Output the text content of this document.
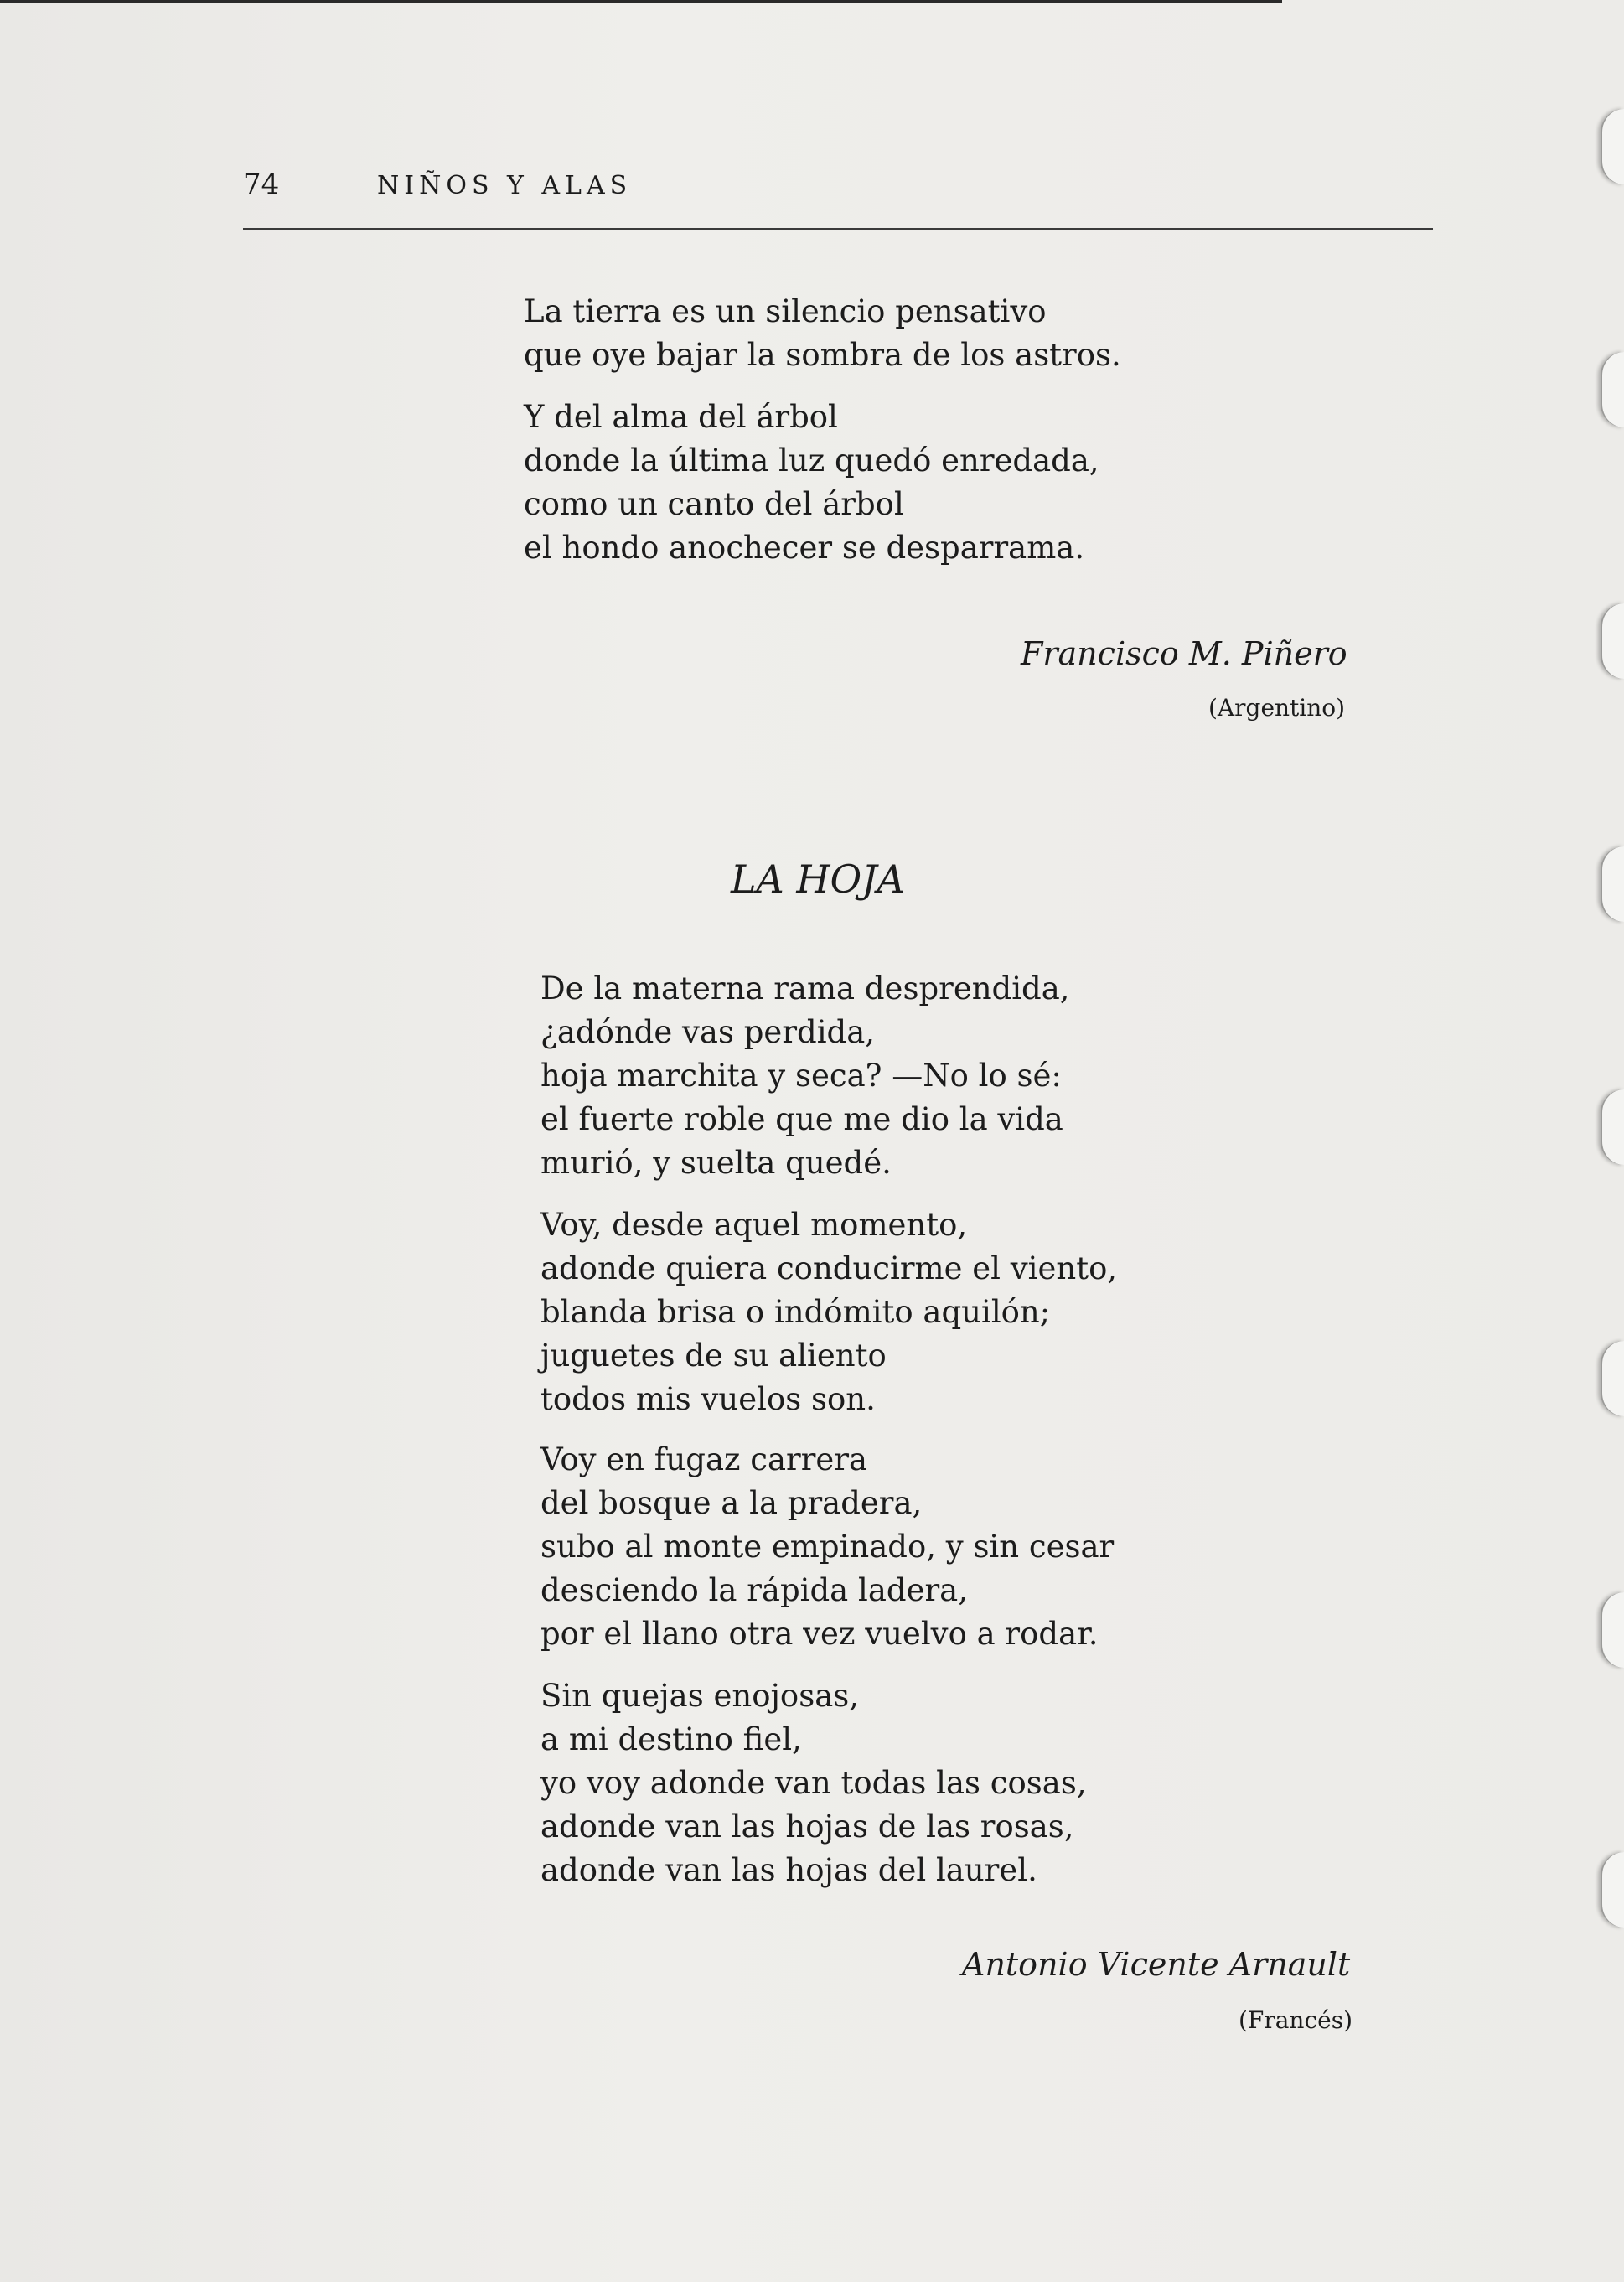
74	NIÑOS Y ALAS
La tierra es un silencio pensativo
que oye bajar la sombra de los astros.
Y del alma del árbol
donde la última luz quedó enredada,
como un canto del árbol
el hondo anochecer se desparrama.
Francisco M. Piñero
(Argentino)
LA HOJA
De la materna rama desprendida,
¿adónde vas perdida,
hoja marchita y seca? —No lo sé:
el fuerte roble que me dio la vida
murió, y suelta quedé.
Voy, desde aquel momento,
adonde quiera conducirme el viento,
blanda brisa o indómito aquilón;
juguetes de su aliento
todos mis vuelos son.
Voy en fugaz carrera
del bosque a la pradera,
subo al monte empinado, y sin cesar
desciendo la rápida ladera,
por el llano otra vez vuelvo a rodar.
Sin quejas enojosas,
a mi destino fiel,
yo voy adonde van todas las cosas,
adonde van las hojas de las rosas,
adonde van las hojas del laurel.
Antonio Vicente Arnault
(Francés)
